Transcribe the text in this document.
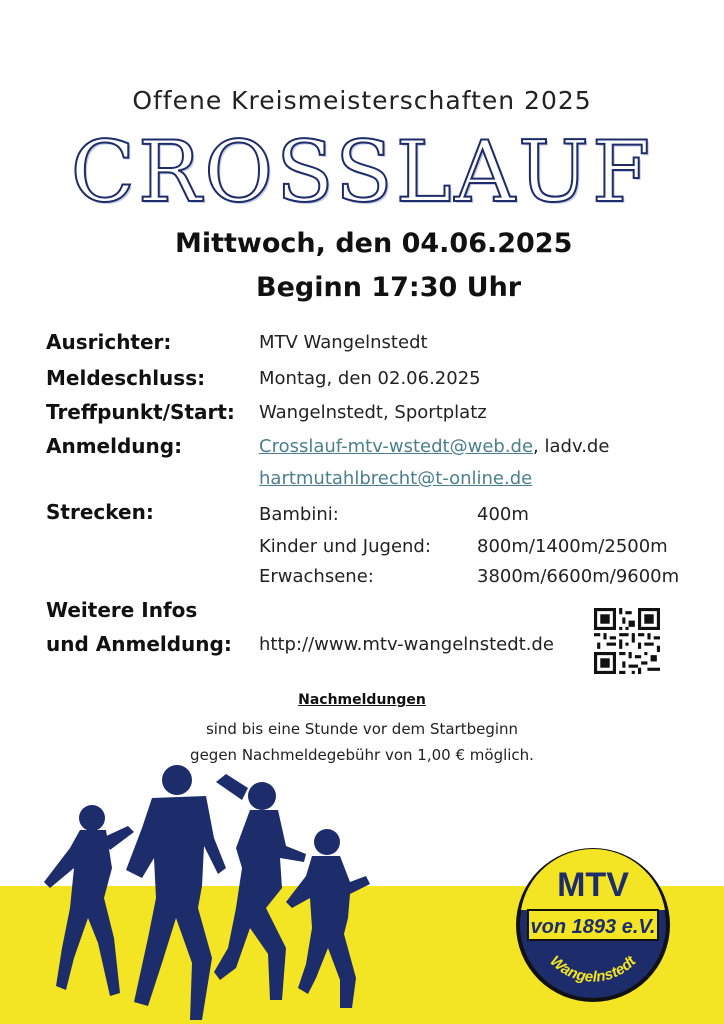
Offene Kreismeisterschaften 2025
CROSSLAUF
Mittwoch, den 04.06.2025
Beginn 17:30 Uhr
Ausrichter:	MTV Wangelnstedt
Meldeschluss:	Montag, den 02.06.2025
Treffpunkt/Start: Wangelnstedt, Sportplatz
Anmeldung:	Crosslauf-mtv-wstedt@web.de, ladv.de
hartmutahlbrecht@t-online.de
Strecken:	Bambini:	400m
Kinder und Jugend:	800m/1400m/2500m
Erwachsene:	3800m/6600m/9600m
Weitere Infos
und Anmeldung: http://www.mtv-wangelnstedt.de
Nachmeldungen
sind bis eine Stunde vor dem Startbeginn
gegen Nachmeldegebühr von 1,00 € möglich.
MTV
von 1893 e.V.
Wangelnstedt
